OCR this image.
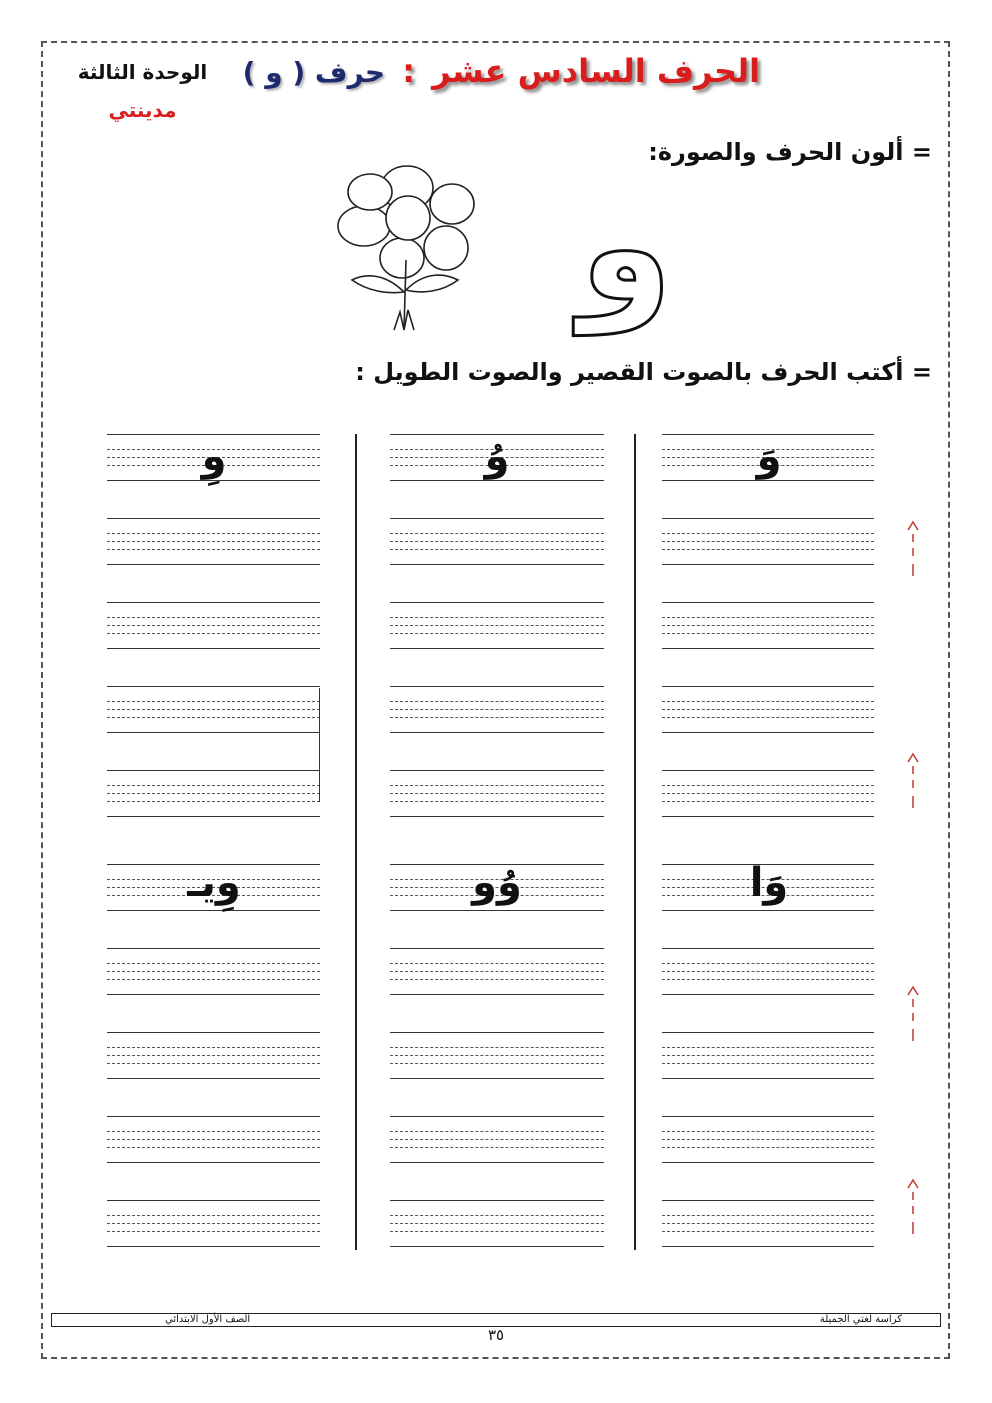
الحرف السادس عشر : حرف ( و )
الوحدة الثالثة
مدينتي
= ألون الحرف والصورة:
و
= أكتب الحرف بالصوت القصير والصوت الطويل :
وَ
وُ
وِ
وَا
وُو
وِيـ
كراسة لغتي الجميلة
الصف الأول الابتدائي
٣٥
